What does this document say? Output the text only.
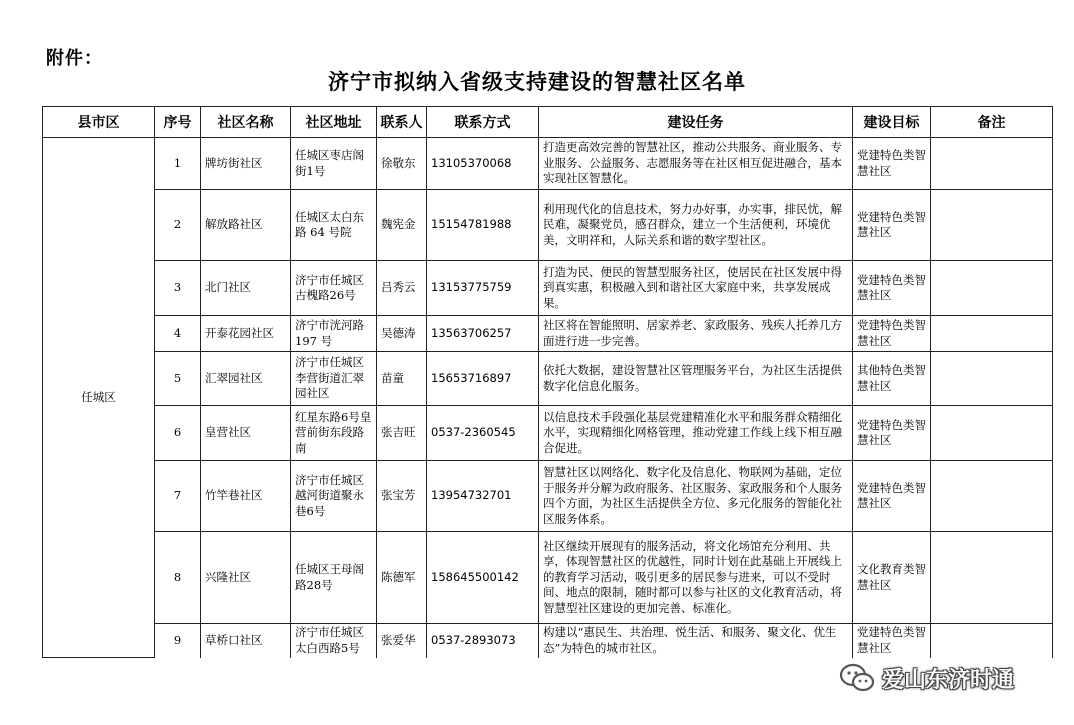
附件：
济宁市拟纳入省级支持建设的智慧社区名单
县市区	序号	社区名称	社区地址	联系人	联系方式	建设任务	建设目标	备注
任城区	1	牌坊街社区	任城区枣店阁街1号	徐敬东	13105370068	打造更高效完善的智慧社区，推动公共服务、商业服务、专业服务、公益服务、志愿服务等在社区相互促进融合，基本实现社区智慧化。	党建特色类智慧社区	
	2	解放路社区	任城区太白东路 64 号院	魏宪金	15154781988	利用现代化的信息技术，努力办好事，办实事，排民忧，解民难，凝聚党员，感召群众，建立一个生活便利，环境优美，文明祥和，人际关系和谐的数字型社区。	党建特色类智慧社区	
	3	北门社区	济宁市任城区古槐路26号	吕秀云	13153775759	打造为民、便民的智慧型服务社区，使居民在社区发展中得到真实惠，积极融入到和谐社区大家庭中来，共享发展成果。	党建特色类智慧社区	
	4	开泰花园社区	济宁市洸河路 197 号	吴德涛	13563706257	社区将在智能照明、居家养老、家政服务、残疾人托养几方面进行进一步完善。	党建特色类智慧社区	
	5	汇翠园社区	济宁市任城区李营街道汇翠园社区	苗童	15653716897	依托大数据，建设智慧社区管理服务平台，为社区生活提供数字化信息化服务。	其他特色类智慧社区	
	6	皇营社区	红星东路6号皇营前街东段路南	张吉旺	0537-2360545	以信息技术手段强化基层党建精准化水平和服务群众精细化水平，实现精细化网格管理，推动党建工作线上线下相互融合促进。	党建特色类智慧社区	
	7	竹竿巷社区	济宁市任城区越河街道聚永巷6号	张宝芳	13954732701	智慧社区以网络化、数字化及信息化、物联网为基础，定位于服务并分解为政府服务、社区服务、家政服务和个人服务四个方面，为社区生活提供全方位、多元化服务的智能化社区服务体系。	党建特色类智慧社区	
	8	兴隆社区	任城区王母阁路28号	陈德军	158645500142	社区继续开展现有的服务活动，将文化场馆充分利用、共享，体现智慧社区的优越性，同时计划在此基础上开展线上的教育学习活动，吸引更多的居民参与进来，可以不受时间、地点的限制，随时都可以参与社区的文化教育活动，将智慧型社区建设的更加完善、标准化。	文化教育类智慧社区	
	9	草桥口社区	济宁市任城区太白西路5号	张爱华	0537-2893073	构建以“惠民生、共治理、悦生活、和服务、聚文化、优生态”为特色的城市社区。	党建特色类智慧社区	
爱山东济时通
